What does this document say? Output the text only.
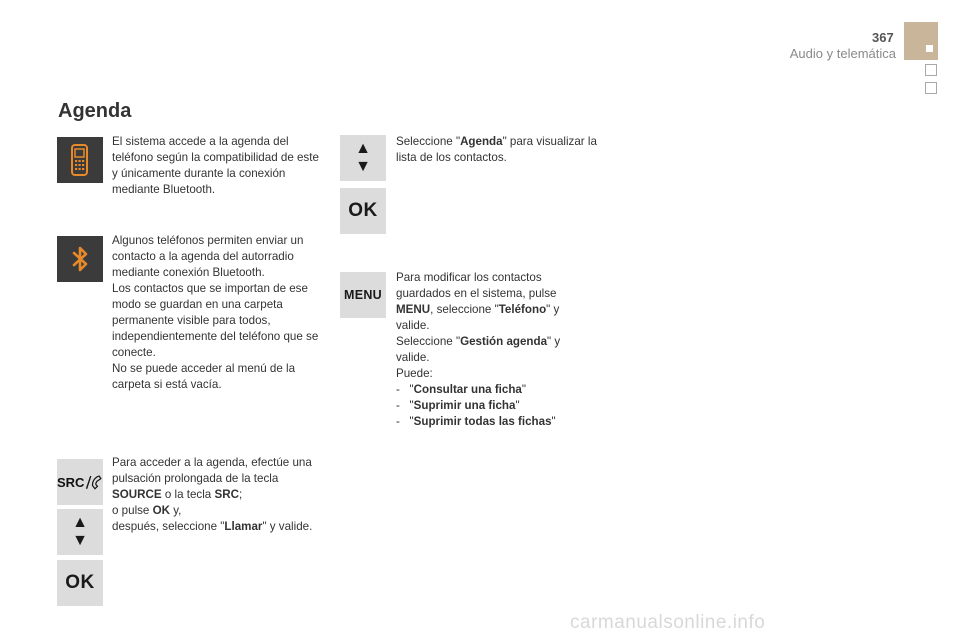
367
Audio y telemática
Agenda
SRC
▲
▼
OK
El sistema accede a la agenda del teléfono según la compatibilidad de este y únicamente durante la conexión mediante Bluetooth.
Algunos teléfonos permiten enviar un contacto a la agenda del autorradio mediante conexión Bluetooth.
Los contactos que se importan de ese modo se guardan en una carpeta permanente visible para todos, independientemente del teléfono que se conecte.
No se puede acceder al menú de la carpeta si está vacía.
Para acceder a la agenda, efectúe una pulsación prolongada de la tecla SOURCE o la tecla SRC;
o pulse OK y,
después, seleccione "Llamar" y valide.
▲
▼
OK
MENU
Seleccione "Agenda" para visualizar la lista de los contactos.
Para modificar los contactos guardados en el sistema, pulse MENU, seleccione "Teléfono" y valide.
Seleccione "Gestión agenda" y valide.
Puede:
-   "Consultar una ficha"
-   "Suprimir una ficha"
-   "Suprimir todas las fichas"
carmanualsonline.info
